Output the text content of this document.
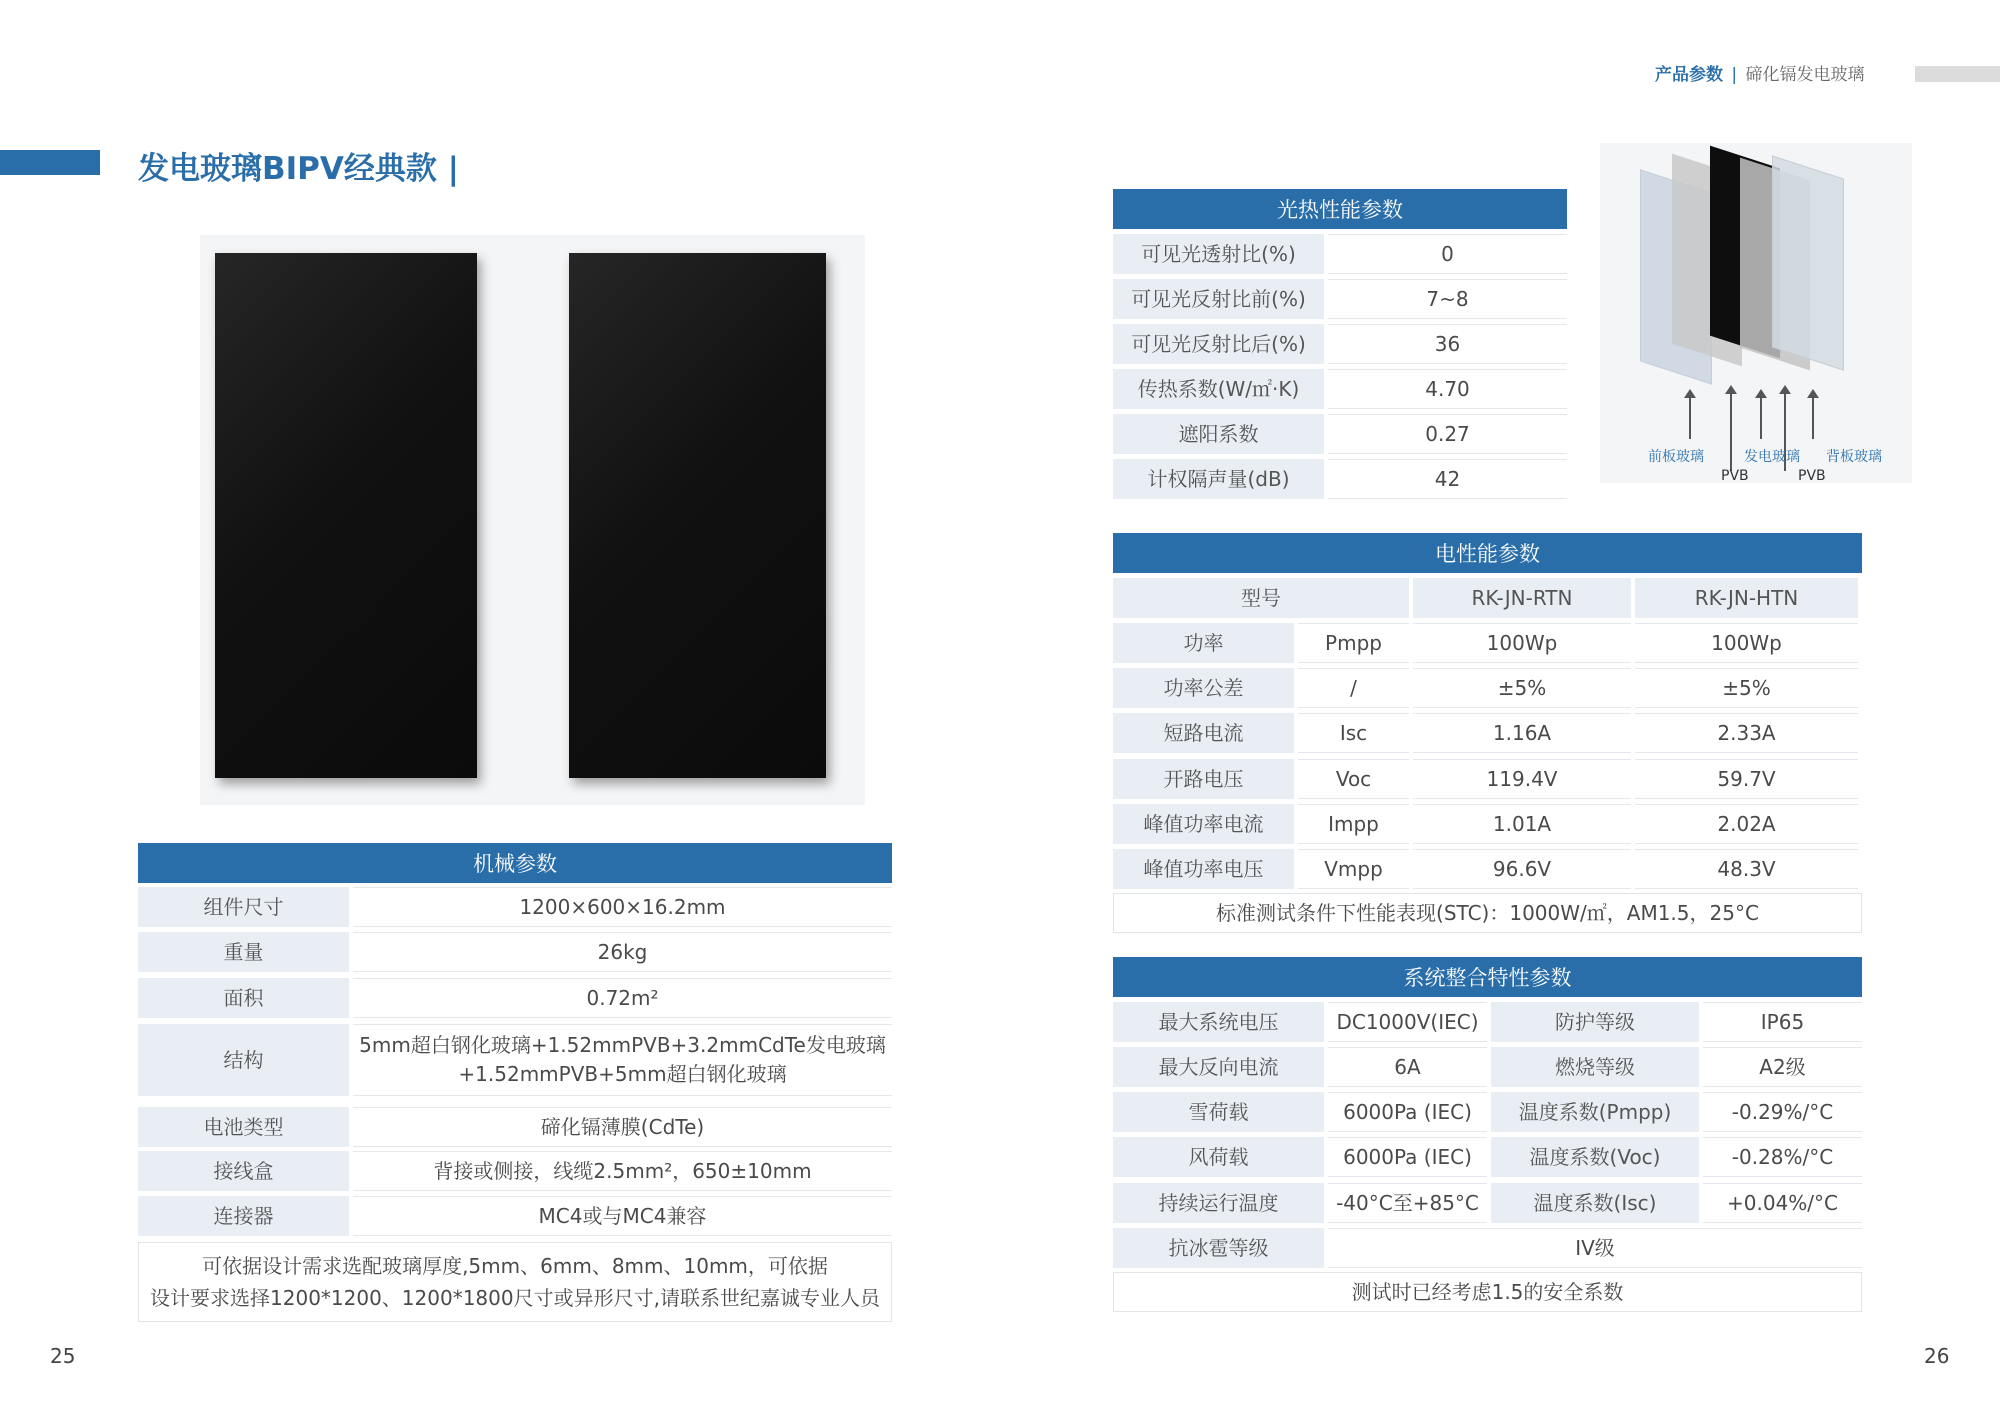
产品参数 | 碲化镉发电玻璃
发电玻璃BIPV经典款 |
机械参数
组件尺寸	1200×600×16.2mm
重量	26kg
面积	0.72m²
结构
5mm超白钢化玻璃+1.52mmPVB+3.2mmCdTe发电玻璃
+1.52mmPVB+5mm超白钢化玻璃
电池类型	碲化镉薄膜(CdTe)
接线盒	背接或侧接，线缆2.5mm²，650±10mm
连接器	MC4或与MC4兼容
可依据设计需求选配玻璃厚度,5mm、6mm、8mm、10mm，可依据
设计要求选择1200*1200、1200*1800尺寸或异形尺寸,请联系世纪嘉诚专业人员
25
光热性能参数
可见光透射比(%)	0
可见光反射比前(%)	7~8
可见光反射比后(%)	36
传热系数(W/㎡·K)	4.70
遮阳系数	0.27
计权隔声量(dB)	42
前板玻璃
PVB
发电玻璃
PVB
背板玻璃
电性能参数
型号	RK-JN-RTN	RK-JN-HTN
功率	Pmpp	100Wp	100Wp
功率公差	/	±5%	±5%
短路电流	Isc	1.16A	2.33A
开路电压	Voc	119.4V	59.7V
峰值功率电流	Impp	1.01A	2.02A
峰值功率电压	Vmpp	96.6V	48.3V
标准测试条件下性能表现(STC)：1000W/㎡，AM1.5，25°C
系统整合特性参数
最大系统电压	DC1000V(IEC)	防护等级	IP65
最大反向电流	6A	燃烧等级	A2级
雪荷载	6000Pa (IEC)	温度系数(Pmpp)	-0.29%/°C
风荷载	6000Pa (IEC)	温度系数(Voc)	-0.28%/°C
持续运行温度	-40°C至+85°C	温度系数(Isc)	+0.04%/°C
抗冰雹等级	IV级
测试时已经考虑1.5的安全系数
26
